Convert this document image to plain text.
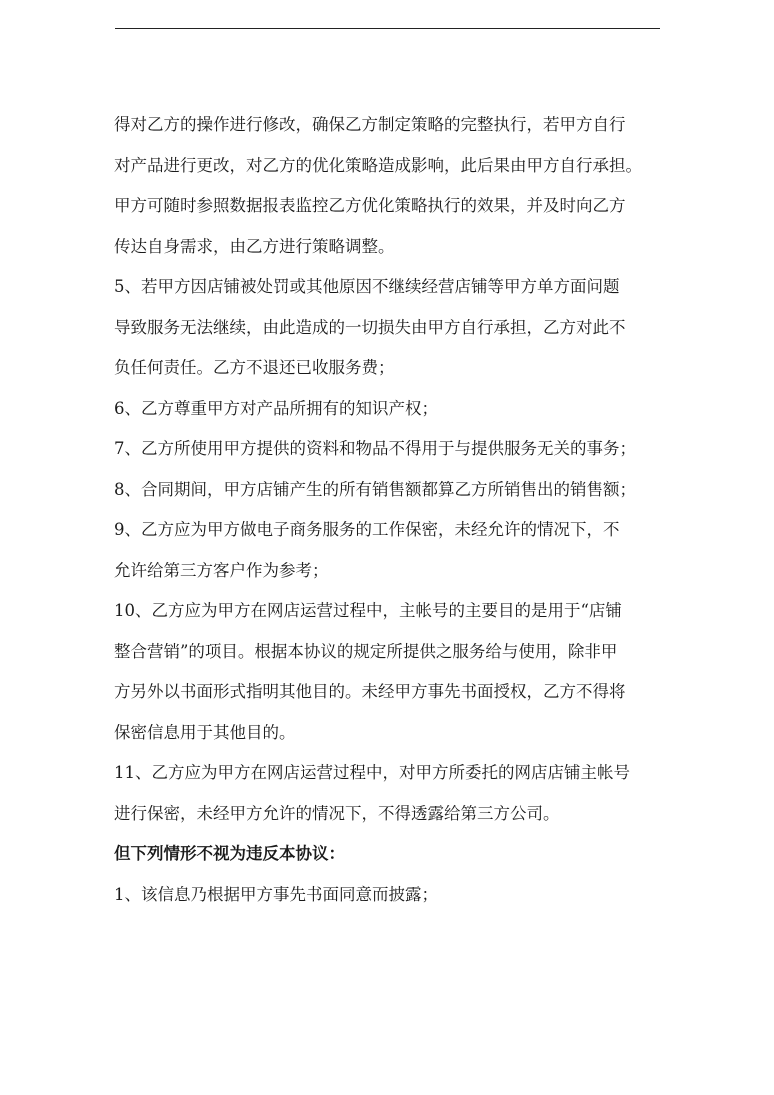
得对乙方的操作进行修改，确保乙方制定策略的完整执行，若甲方自行
对产品进行更改，对乙方的优化策略造成影响，此后果由甲方自行承担。
甲方可随时参照数据报表监控乙方优化策略执行的效果，并及时向乙方
传达自身需求，由乙方进行策略调整。
5、若甲方因店铺被处罚或其他原因不继续经营店铺等甲方单方面问题
导致服务无法继续，由此造成的一切损失由甲方自行承担，乙方对此不
负任何责任。乙方不退还已收服务费；
6、乙方尊重甲方对产品所拥有的知识产权；
7、乙方所使用甲方提供的资料和物品不得用于与提供服务无关的事务；
8、合同期间，甲方店铺产生的所有销售额都算乙方所销售出的销售额；
9、乙方应为甲方做电子商务服务的工作保密，未经允许的情况下，不
允许给第三方客户作为参考；
10、乙方应为甲方在网店运营过程中，主帐号的主要目的是用于“店铺
整合营销”的项目。根据本协议的规定所提供之服务给与使用，除非甲
方另外以书面形式指明其他目的。未经甲方事先书面授权，乙方不得将
保密信息用于其他目的。
11、乙方应为甲方在网店运营过程中，对甲方所委托的网店店铺主帐号
进行保密，未经甲方允许的情况下，不得透露给第三方公司。
但下列情形不视为违反本协议：
1、该信息乃根据甲方事先书面同意而披露；
